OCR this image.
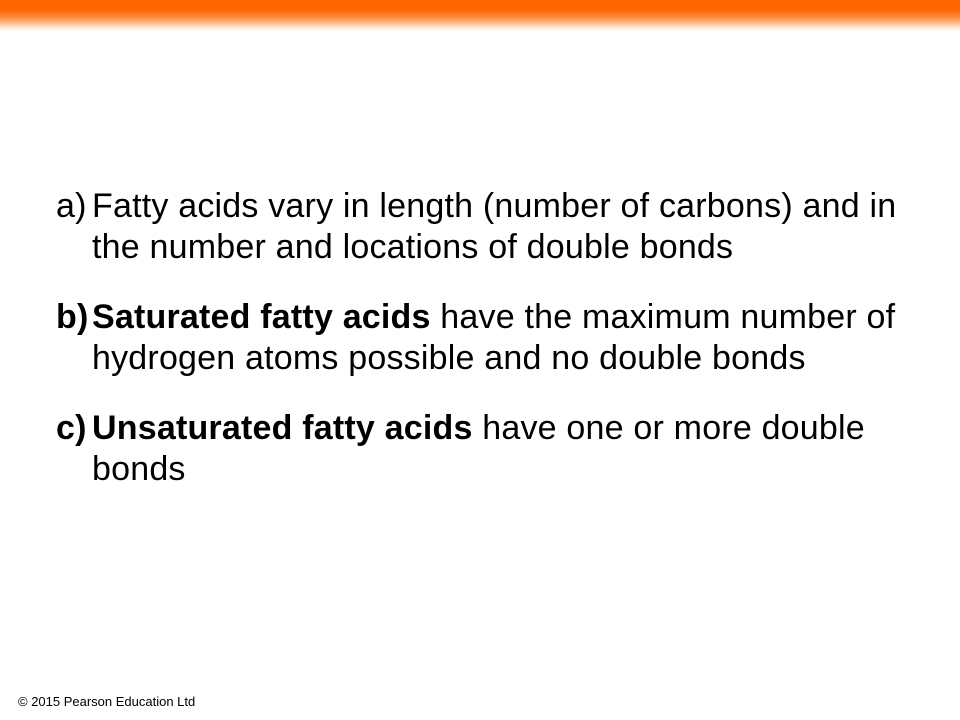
a) Fatty acids vary in length (number of carbons) and in
the number and locations of double bonds
b) Saturated fatty acids have the maximum number of
hydrogen atoms possible and no double bonds
c) Unsaturated fatty acids have one or more double
bonds
© 2015 Pearson Education Ltd
